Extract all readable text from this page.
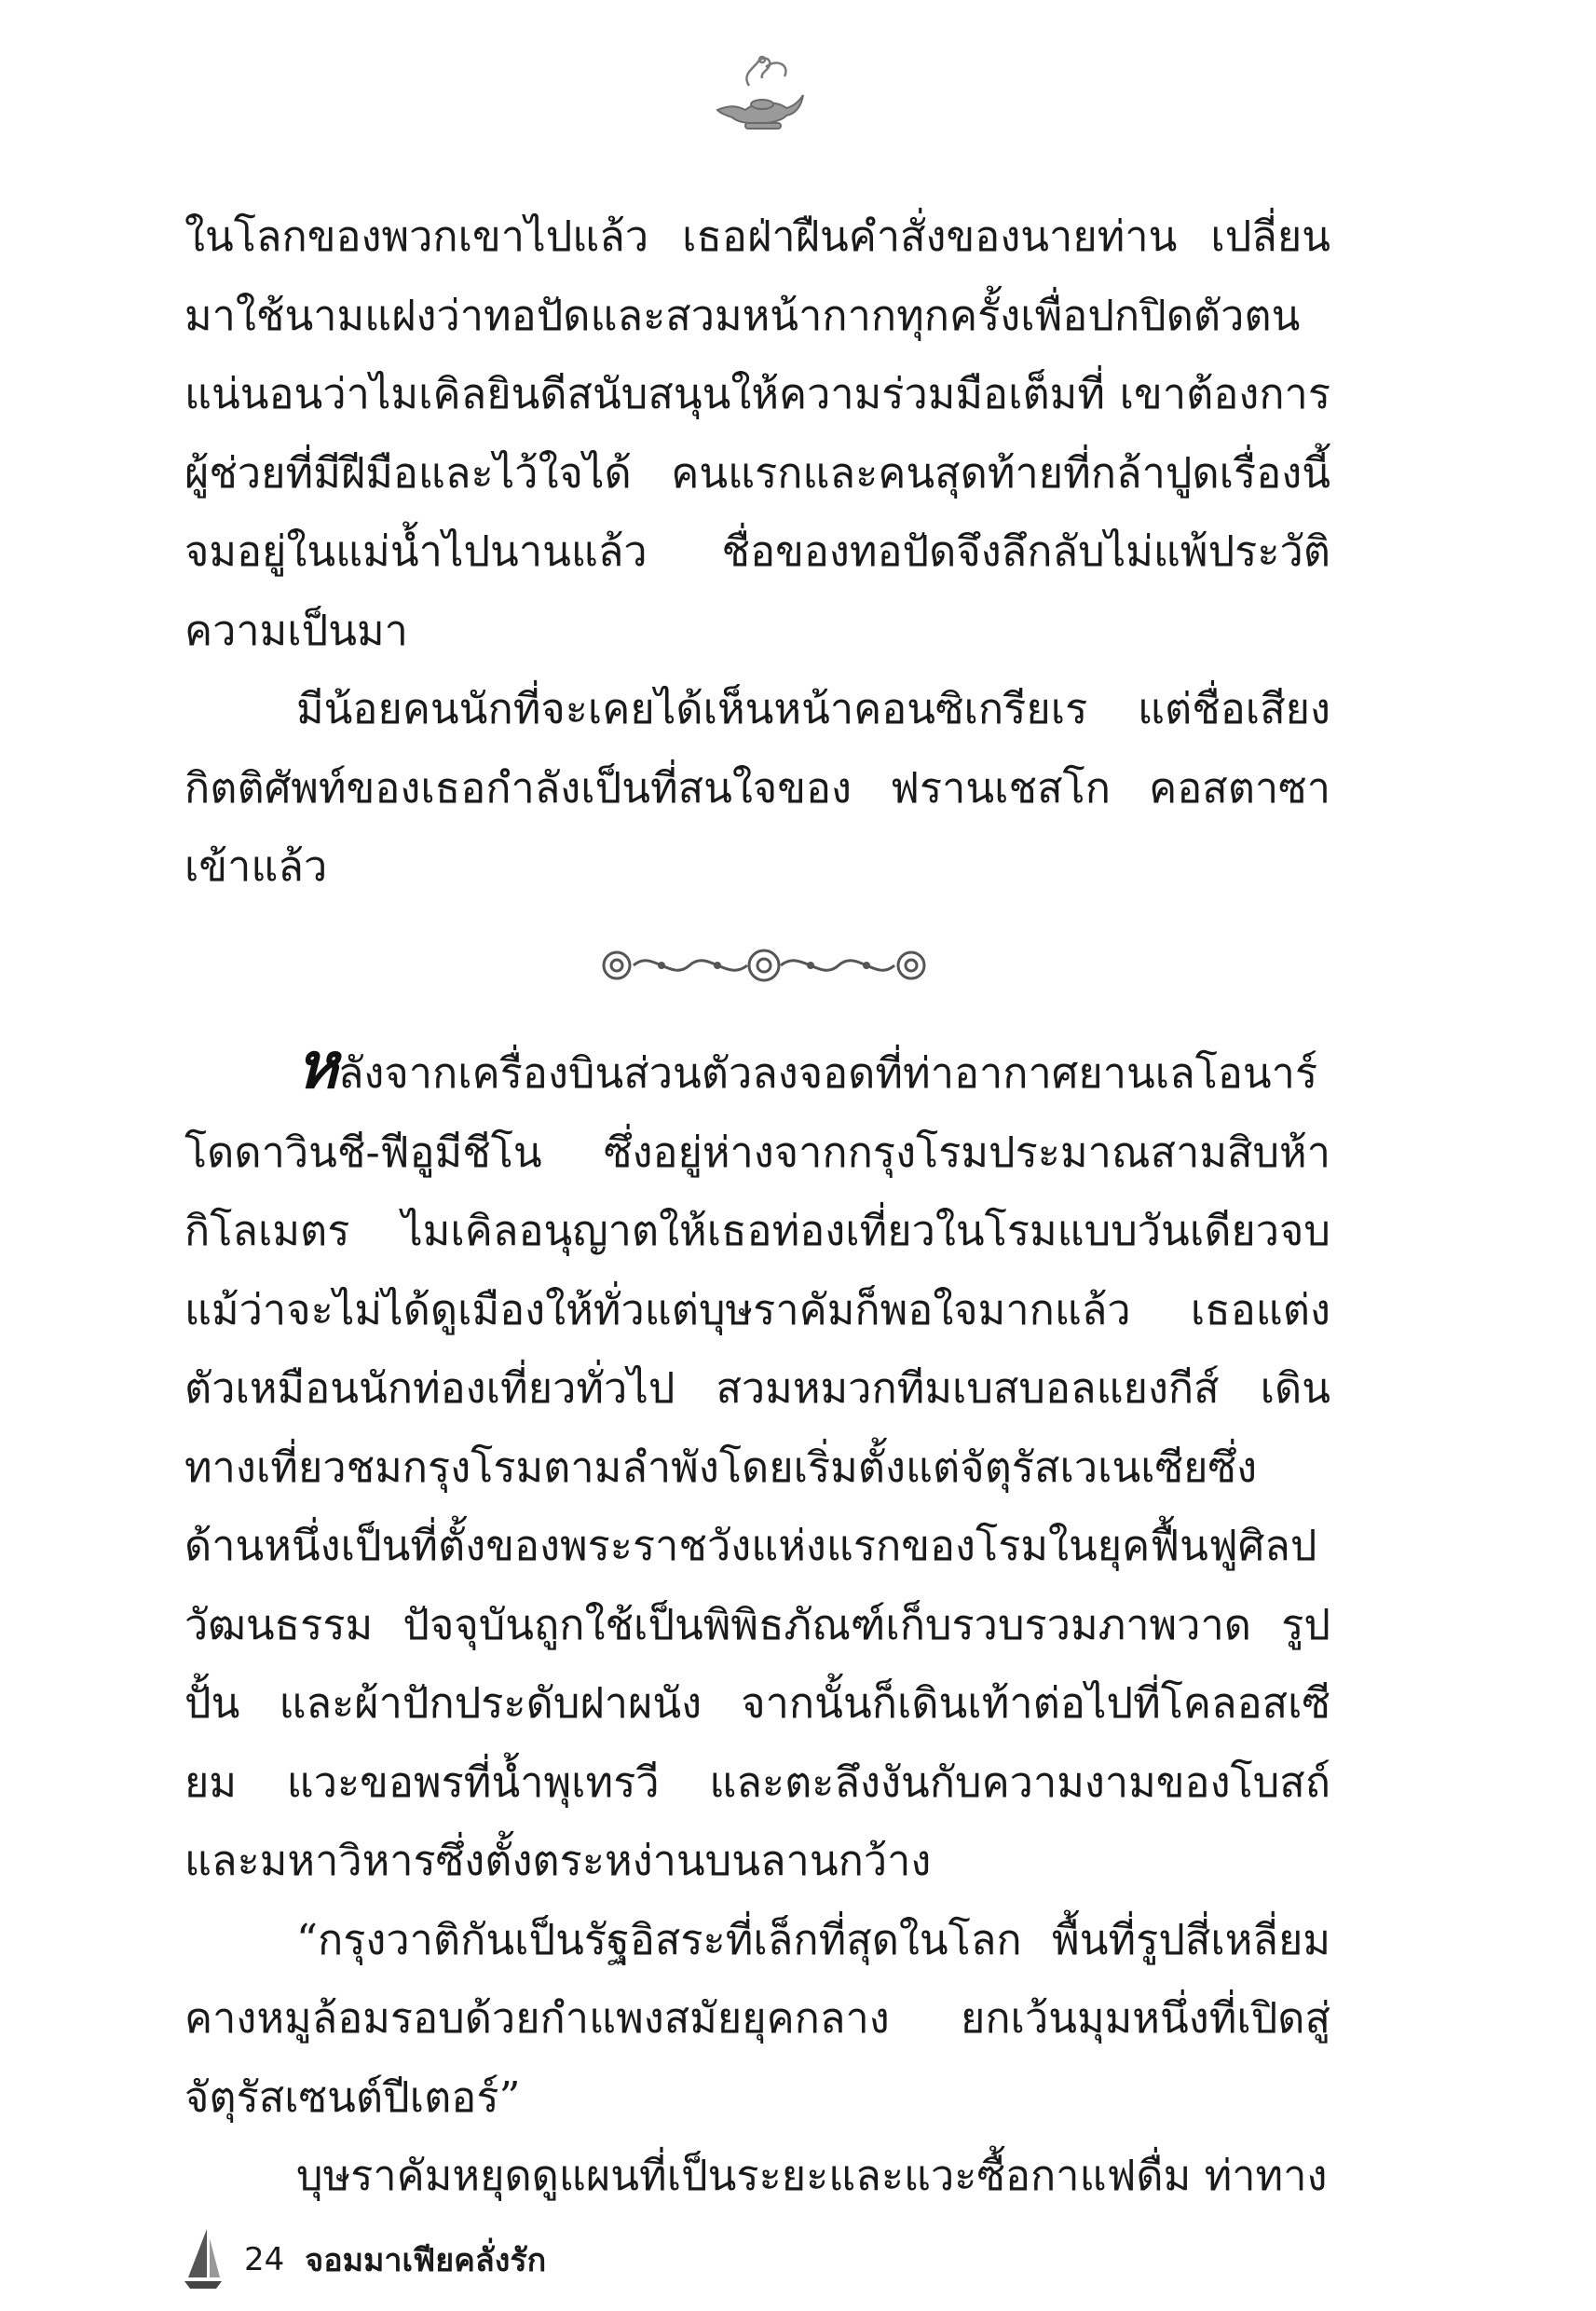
ในโลกของพวกเขาไปแล้ว เธอฝ่าฝืนคำสั่งของนายท่าน เปลี่ยนมาใช้นามแฝงว่าทอปัดและสวมหน้ากากทุกครั้งเพื่อปกปิดตัวตน แน่นอนว่าไมเคิลยินดีสนับสนุนให้ความร่วมมือเต็มที่ เขาต้องการผู้ช่วยที่มีฝีมือและไว้ใจได้ คนแรกและคนสุดท้ายที่กล้าปูดเรื่องนี้จมอยู่ในแม่น้ำไปนานแล้ว ชื่อของทอปัดจึงลึกลับไม่แพ้ประวัติความเป็นมา

มีน้อยคนนักที่จะเคยได้เห็นหน้าคอนซิเกรียเร แต่ชื่อเสียงกิตติศัพท์ของเธอกำลังเป็นที่สนใจของ ฟรานเชสโก คอสตาซาเข้าแล้ว

หลังจากเครื่องบินส่วนตัวลงจอดที่ท่าอากาศยานเลโอนาร์โดดาวินชี-ฟีอูมีชีโน ซึ่งอยู่ห่างจากกรุงโรมประมาณสามสิบห้ากิโลเมตร ไมเคิลอนุญาตให้เธอท่องเที่ยวในโรมแบบวันเดียวจบ แม้ว่าจะไม่ได้ดูเมืองให้ทั่วแต่บุษราคัมก็พอใจมากแล้ว เธอแต่งตัวเหมือนนักท่องเที่ยวทั่วไป สวมหมวกทีมเบสบอลแยงกีส์ เดินทางเที่ยวชมกรุงโรมตามลำพังโดยเริ่มตั้งแต่จัตุรัสเวเนเซียซึ่งด้านหนึ่งเป็นที่ตั้งของพระราชวังแห่งแรกของโรมในยุคฟื้นฟูศิลปวัฒนธรรม ปัจจุบันถูกใช้เป็นพิพิธภัณฑ์เก็บรวบรวมภาพวาด รูปปั้น และผ้าปักประดับฝาผนัง จากนั้นก็เดินเท้าต่อไปที่โคลอสเซียม แวะขอพรที่น้ำพุเทรวี และตะลึงงันกับความงามของโบสถ์และมหาวิหารซึ่งตั้งตระหง่านบนลานกว้าง

“กรุงวาติกันเป็นรัฐอิสระที่เล็กที่สุดในโลก พื้นที่รูปสี่เหลี่ยมคางหมูล้อมรอบด้วยกำแพงสมัยยุคกลาง ยกเว้นมุมหนึ่งที่เปิดสู่จัตุรัสเซนต์ปีเตอร์”

บุษราคัมหยุดดูแผนที่เป็นระยะและแวะซื้อกาแฟดื่ม ท่าทาง

24 จอมมาเฟียคลั่งรัก
